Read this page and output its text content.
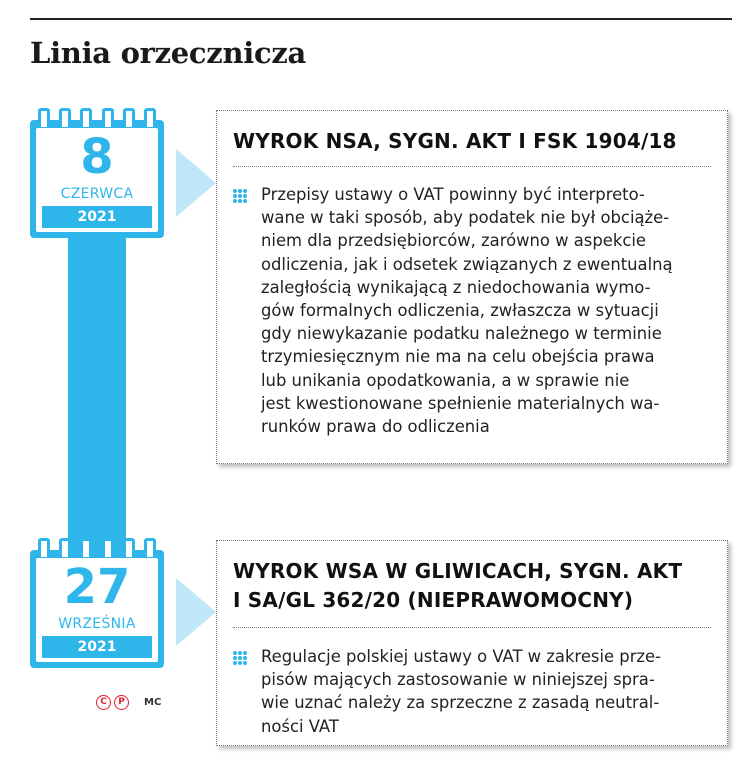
Linia orzecznicza
8
CZERWCA
2021
WYROK NSA, SYGN. AKT I FSK 1904/18

Przepisy ustawy o VAT powinny być interpreto-

wane w taki sposób, aby podatek nie był obciąże-

niem dla przedsiębiorców, zarówno w aspekcie

odliczenia, jak i odsetek związanych z ewentualną

zaległością wynikającą z niedochowania wymo-

gów formalnych odliczenia, zwłaszcza w sytuacji

gdy niewykazanie podatku należnego w terminie

trzymiesięcznym nie ma na celu obejścia prawa

lub unikania opodatkowania, a w sprawie nie

jest kwestionowane spełnienie materialnych wa-

runków prawa do odliczenia

27
WRZEŚNIA
2021
WYROK WSA W GLIWICACH, SYGN. AKT
I SA/GL 362/20 (NIEPRAWOMOCNY)

Regulacje polskiej ustawy o VAT w zakresie prze-

pisów mających zastosowanie w niniejszej spra-

wie uznać należy za sprzeczne z zasadą neutral-

ności VAT

C	P	MC
